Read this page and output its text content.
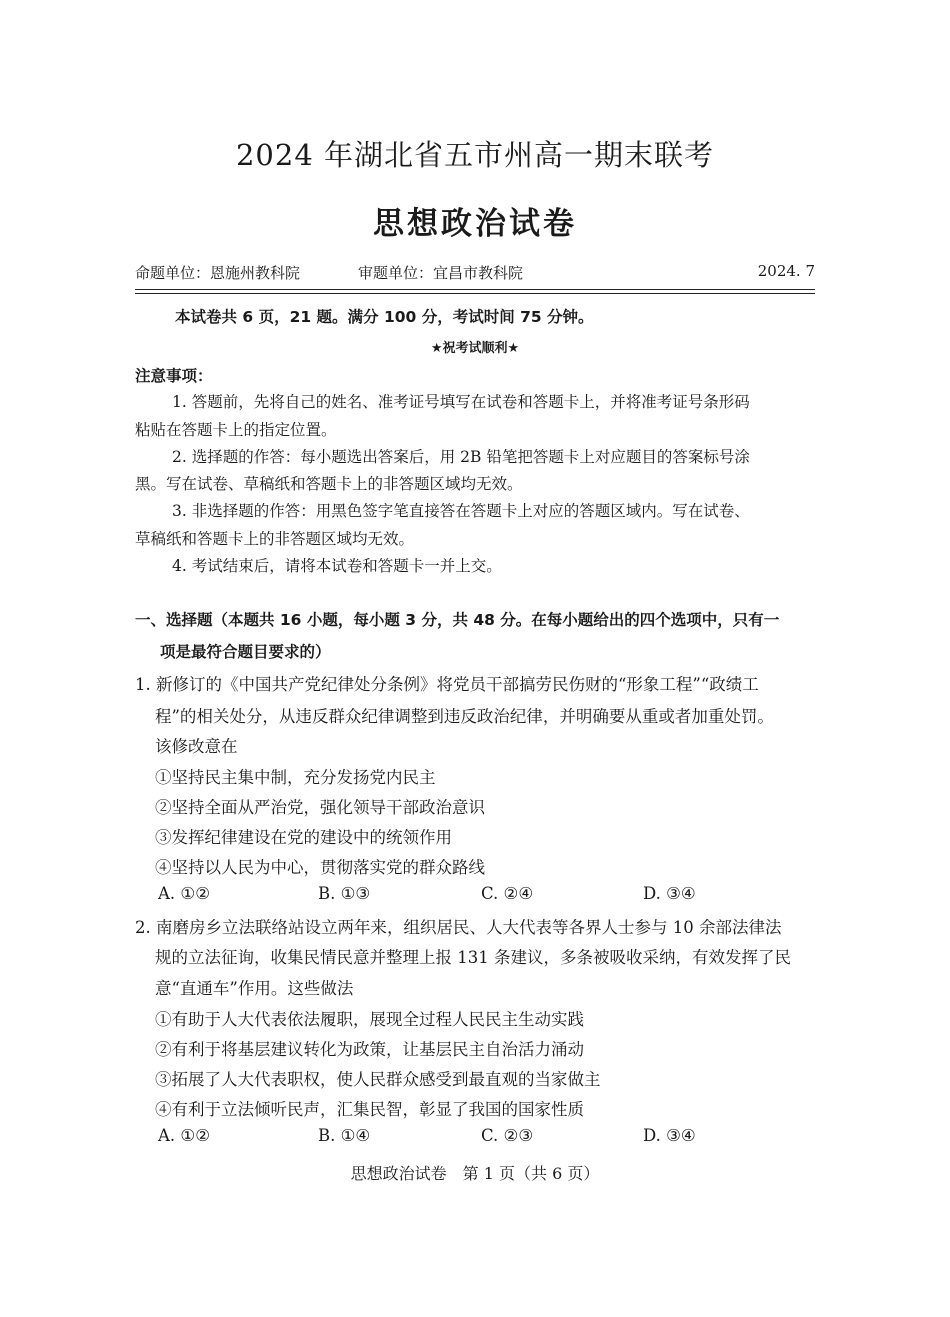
2024 年湖北省五市州高一期末联考
思想政治试卷
命题单位：恩施州教科院	审题单位：宜昌市教科院	2024. 7
本试卷共 6 页，21 题。满分 100 分，考试时间 75 分钟。
★祝考试顺利★
注意事项：
1. 答题前，先将自己的姓名、准考证号填写在试卷和答题卡上，并将准考证号条形码
粘贴在答题卡上的指定位置。
2. 选择题的作答：每小题选出答案后，用 2B 铅笔把答题卡上对应题目的答案标号涂
黑。写在试卷、草稿纸和答题卡上的非答题区域均无效。
3. 非选择题的作答：用黑色签字笔直接答在答题卡上对应的答题区域内。写在试卷、
草稿纸和答题卡上的非答题区域均无效。
4. 考试结束后，请将本试卷和答题卡一并上交。
一、选择题（本题共 16 小题，每小题 3 分，共 48 分。在每小题给出的四个选项中，只有一
项是最符合题目要求的）
1. 新修订的《中国共产党纪律处分条例》将党员干部搞劳民伤财的“形象工程”“政绩工
程”的相关处分，从违反群众纪律调整到违反政治纪律，并明确要从重或者加重处罚。
该修改意在
①坚持民主集中制，充分发扬党内民主
②坚持全面从严治党，强化领导干部政治意识
③发挥纪律建设在党的建设中的统领作用
④坚持以人民为中心，贯彻落实党的群众路线
A. ①②	B. ①③	C. ②④	D. ③④
2. 南磨房乡立法联络站设立两年来，组织居民、人大代表等各界人士参与 10 余部法律法
规的立法征询，收集民情民意并整理上报 131 条建议，多条被吸收采纳，有效发挥了民
意“直通车”作用。这些做法
①有助于人大代表依法履职，展现全过程人民民主生动实践
②有利于将基层建议转化为政策，让基层民主自治活力涌动
③拓展了人大代表职权，使人民群众感受到最直观的当家做主
④有利于立法倾听民声，汇集民智，彰显了我国的国家性质
A. ①②	B. ①④	C. ②③	D. ③④
思想政治试卷　第 1 页（共 6 页）
